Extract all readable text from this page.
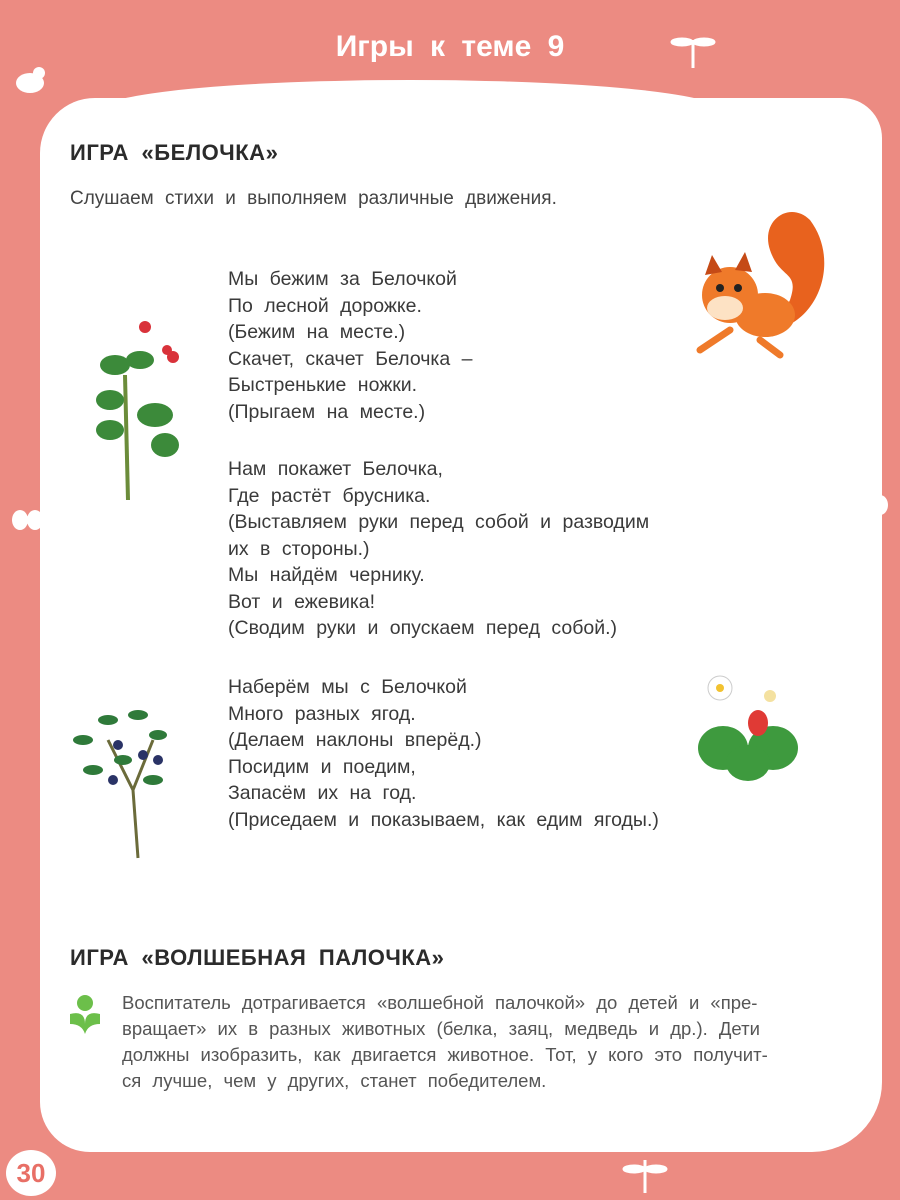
Игры к теме 9
ИГРА «БЕЛОЧКА»
Слушаем стихи и выполняем различные движения.
Мы бежим за Белочкой
По лесной дорожке.
(Бежим на месте.)
Скачет, скачет Белочка –
Быстренькие ножки.
(Прыгаем на месте.)
Нам покажет Белочка,
Где растёт брусника.
(Выставляем руки перед собой и разводим
их в стороны.)
Мы найдём чернику.
Вот и ежевика!
(Сводим руки и опускаем перед собой.)
Наберём мы с Белочкой
Много разных ягод.
(Делаем наклоны вперёд.)
Посидим и поедим,
Запасём их на год.
(Приседаем и показываем, как едим ягоды.)
ИГРА «ВОЛШЕБНАЯ ПАЛОЧКА»
Воспитатель дотрагивается «волшебной палочкой» до детей и «пре-
вращает» их в разных животных (белка, заяц, медведь и др.). Дети
должны изобразить, как двигается животное. Тот, у кого это получит-
ся лучше, чем у других, станет победителем.
30
